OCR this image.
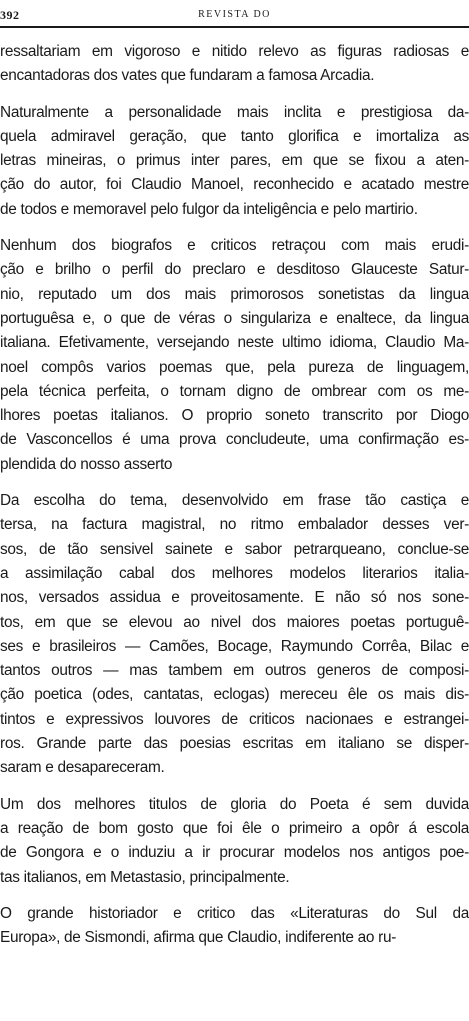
392	REVISTA DO
ressaltariam em vigoroso e nitido relevo as figuras radiosas e
encantadoras dos vates que fundaram a famosa Arcadia.
Naturalmente a personalidade mais inclita e prestigiosa da-
quela admiravel geração, que tanto glorifica e imortaliza as
letras mineiras, o primus inter pares, em que se fixou a aten-
ção do autor, foi Claudio Manoel, reconhecido e acatado mestre
de todos e memoravel pelo fulgor da inteligência e pelo martirio.
Nenhum dos biografos e criticos retraçou com mais erudi-
ção e brilho o perfil do preclaro e desditoso Glauceste Satur-
nio, reputado um dos mais primorosos sonetistas da lingua
portuguêsa e, o que de véras o singulariza e enaltece, da lingua
italiana. Efetivamente, versejando neste ultimo idioma, Claudio Ma-
noel compôs varios poemas que, pela pureza de linguagem,
pela técnica perfeita, o tornam digno de ombrear com os me-
lhores poetas italianos. O proprio soneto transcrito por Diogo
de Vasconcellos é uma prova concludeute, uma confirmação es-
plendida do nosso asserto
Da escolha do tema, desenvolvido em frase tão castiça e
tersa, na factura magistral, no ritmo embalador desses ver-
sos, de tão sensivel sainete e sabor petrarqueano, conclue-se
a assimilação cabal dos melhores modelos literarios italia-
nos, versados assidua e proveitosamente. E não só nos sone-
tos, em que se elevou ao nivel dos maiores poetas portuguê-
ses e brasileiros — Camões, Bocage, Raymundo Corrêa, Bilac e
tantos outros — mas tambem em outros generos de composi-
ção poetica (odes, cantatas, eclogas) mereceu êle os mais dis-
tintos e expressivos louvores de criticos nacionaes e estrangei-
ros. Grande parte das poesias escritas em italiano se disper-
saram e desapareceram.
Um dos melhores titulos de gloria do Poeta é sem duvida
a reação de bom gosto que foi êle o primeiro a opôr á escola
de Gongora e o induziu a ir procurar modelos nos antigos poe-
tas italianos, em Metastasio, principalmente.
O grande historiador e critico das «Literaturas do Sul da
Europa», de Sismondi, afirma que Claudio, indiferente ao ru-
